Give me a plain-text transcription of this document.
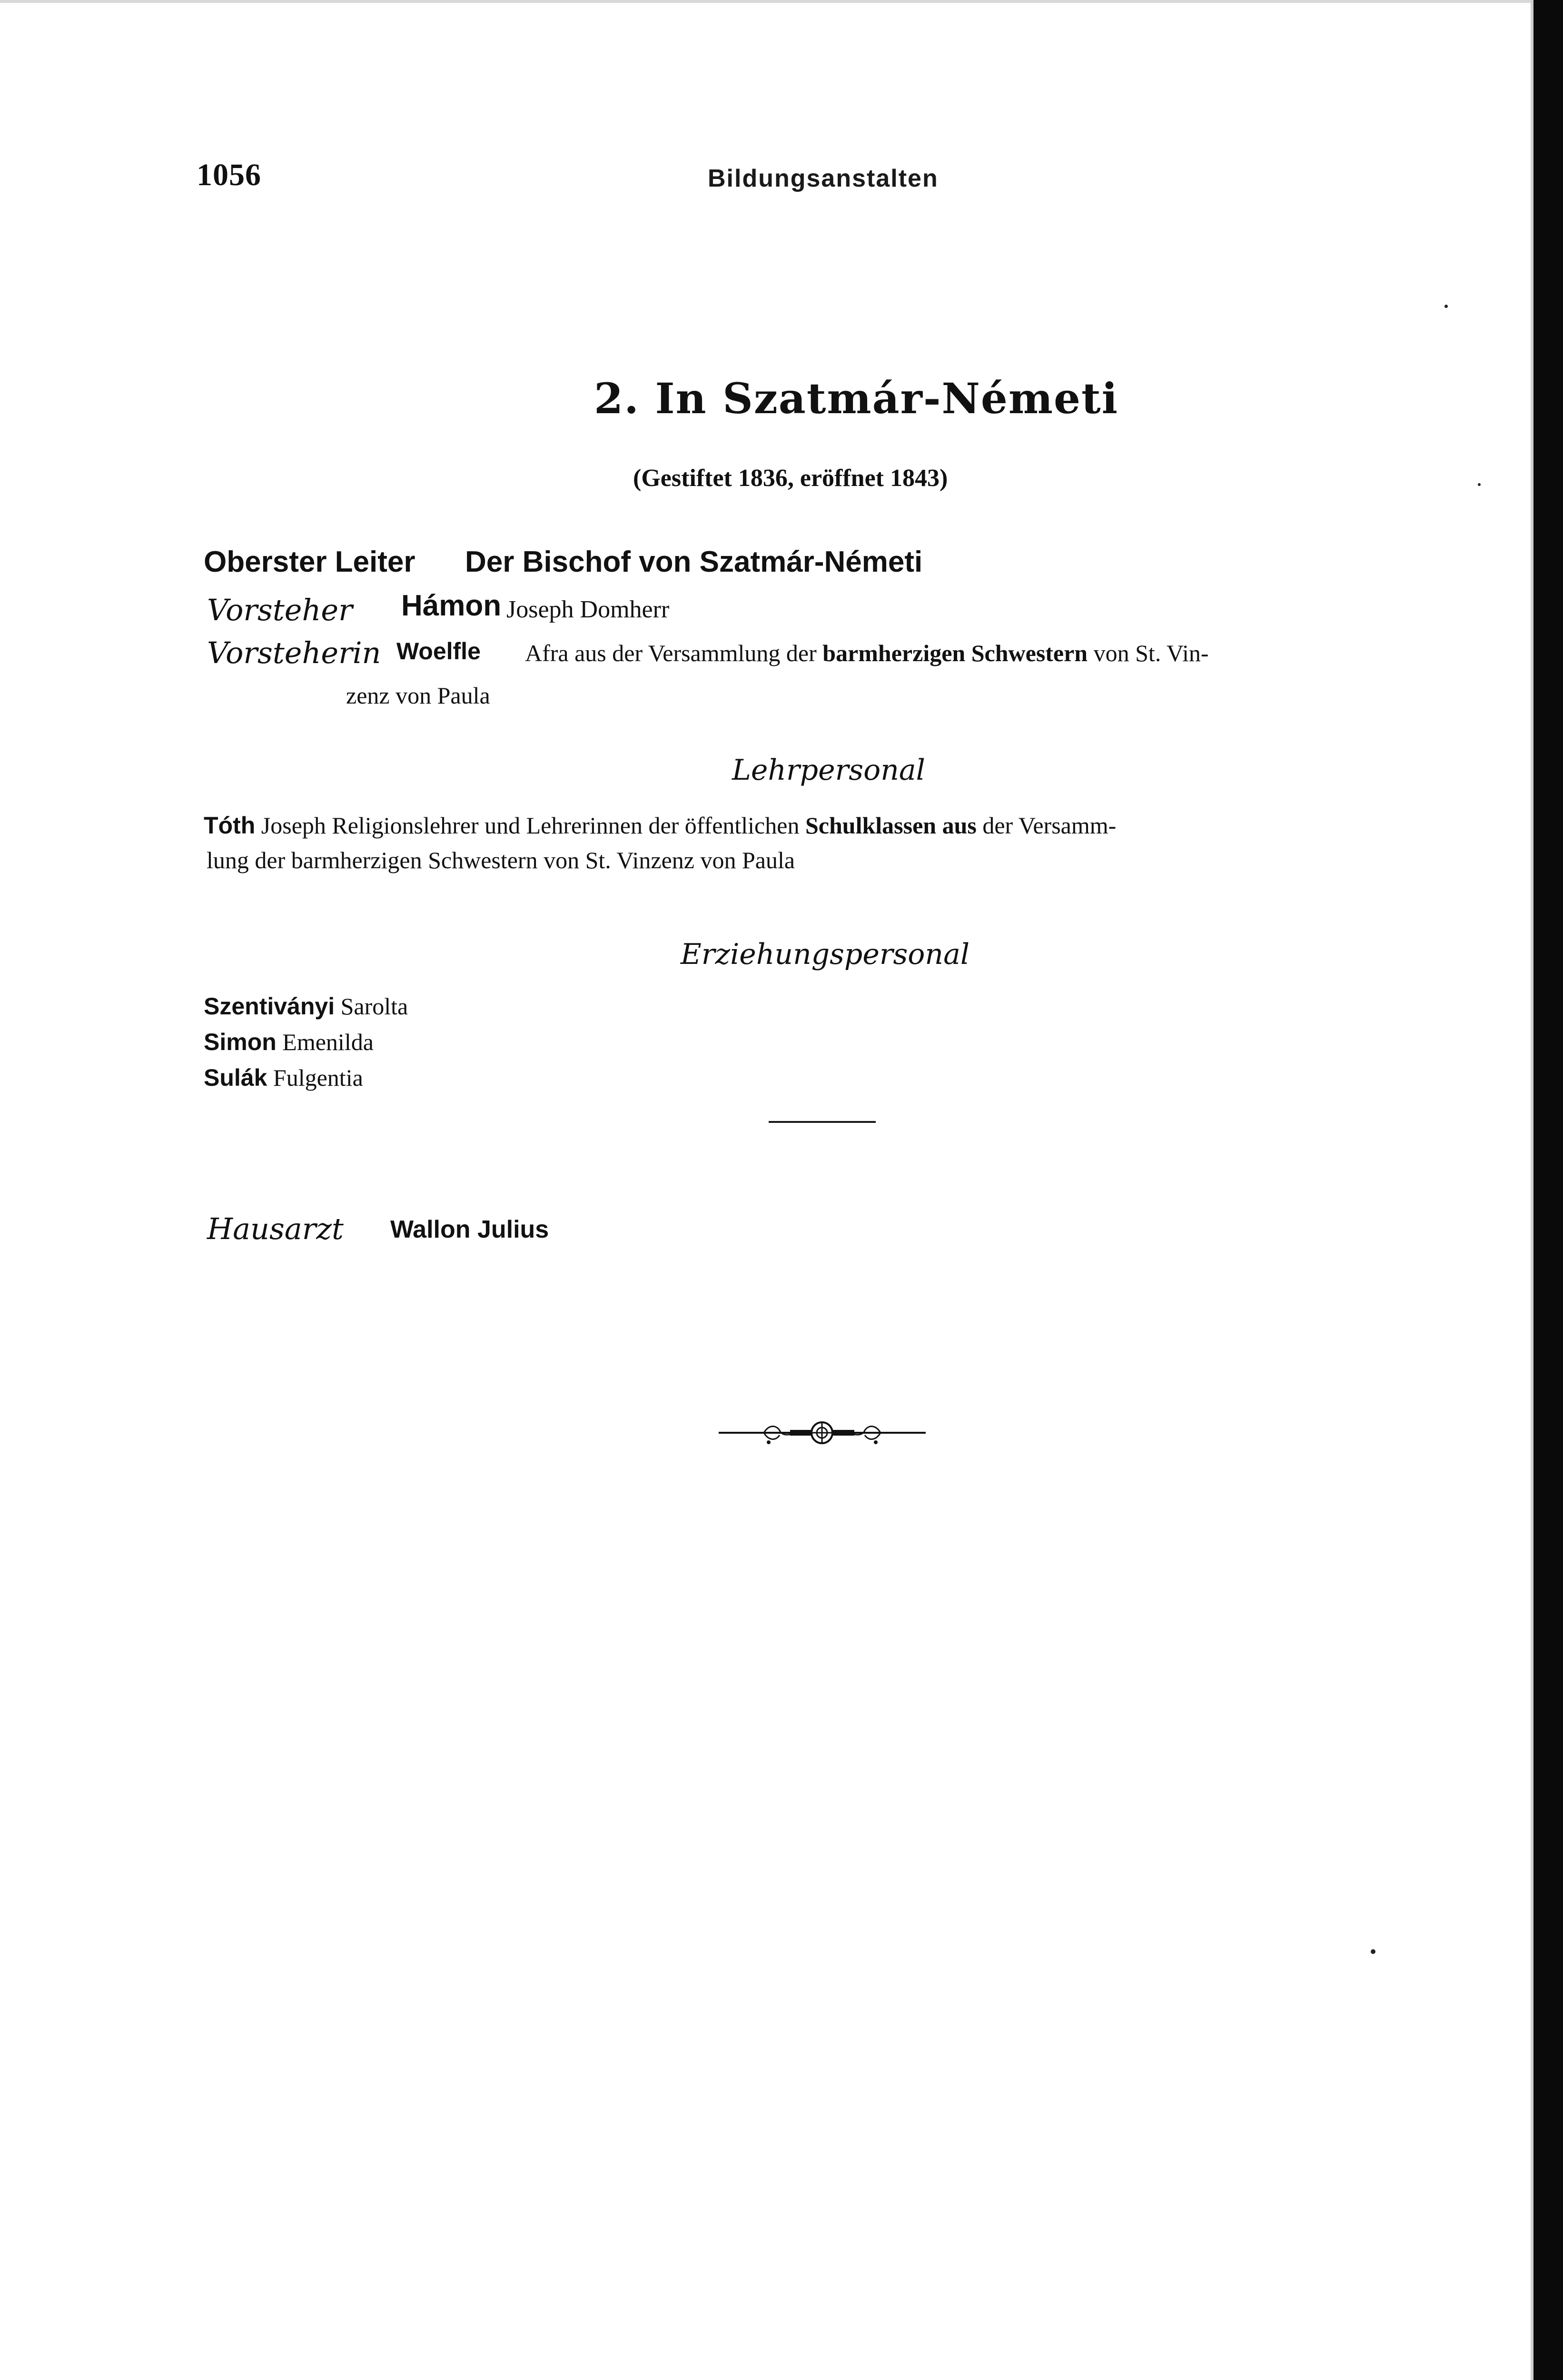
1056	Bildungsanstalten
2. In Szatmár-Németi
(Gestiftet 1836, eröffnet 1843)
Oberster Leiter Der Bischof von Szatmár-Németi
Vorsteher Hámon Joseph Domherr
Vorsteherin Woelfle Afra aus der Versammlung der barmherzigen Schwestern von St. Vin-
zenz von Paula
Lehrpersonal
Tóth Joseph Religionslehrer und Lehrerinnen der öffentlichen Schulklassen aus der Versamm-
lung der barmherzigen Schwestern von St. Vinzenz von Paula
Erziehungspersonal
Szentiványi Sarolta
Simon Emenilda
Sulák Fulgentia
Hausarzt Wallon Julius
